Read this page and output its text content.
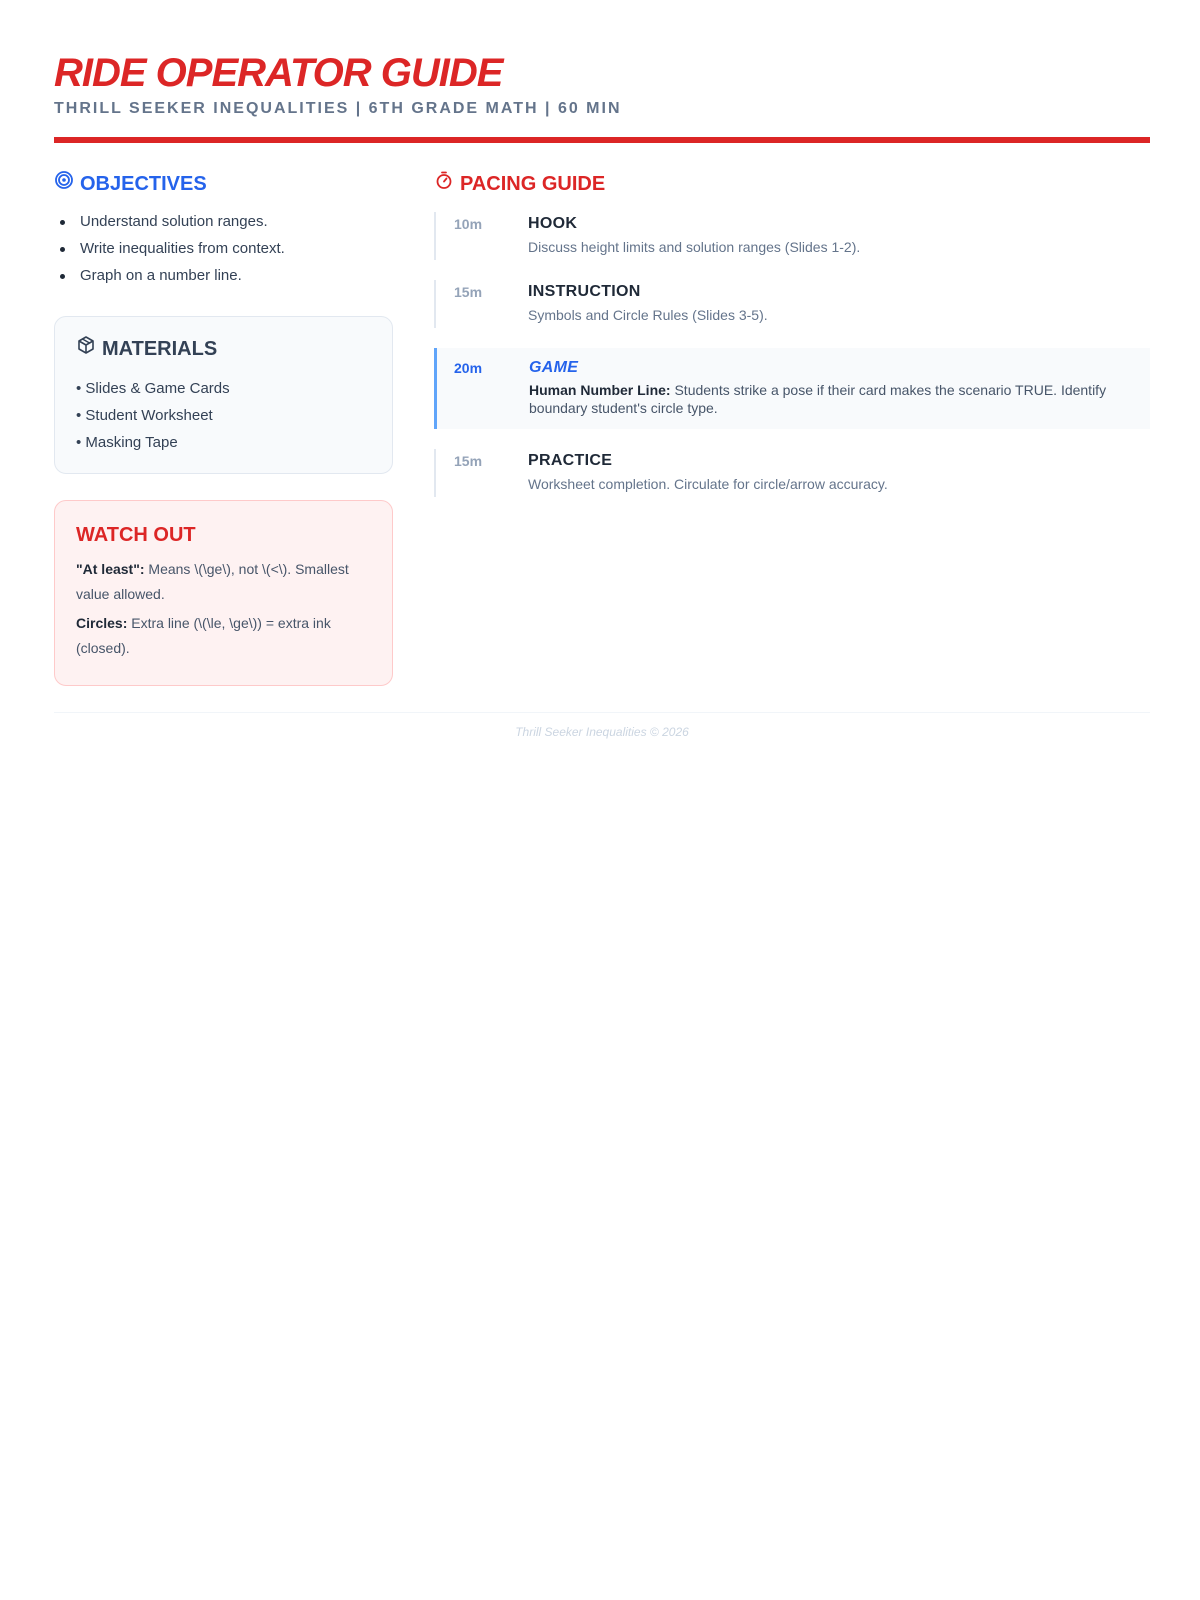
RIDE OPERATOR GUIDE
THRILL SEEKER INEQUALITIES | 6TH GRADE MATH | 60 MIN
OBJECTIVES
Understand solution ranges.
Write inequalities from context.
Graph on a number line.
MATERIALS
• Slides & Game Cards
• Student Worksheet
• Masking Tape
WATCH OUT
"At least": Means \(\ge\), not \(<\). Smallest value allowed.
Circles: Extra line (\(\le, \ge\)) = extra ink (closed).
PACING GUIDE
10m	HOOK
Discuss height limits and solution ranges (Slides 1-2).
15m	INSTRUCTION
Symbols and Circle Rules (Slides 3-5).
20m	GAME
Human Number Line: Students strike a pose if their card makes the scenario TRUE. Identify boundary student's circle type.
15m	PRACTICE
Worksheet completion. Circulate for circle/arrow accuracy.
Thrill Seeker Inequalities © 2026
